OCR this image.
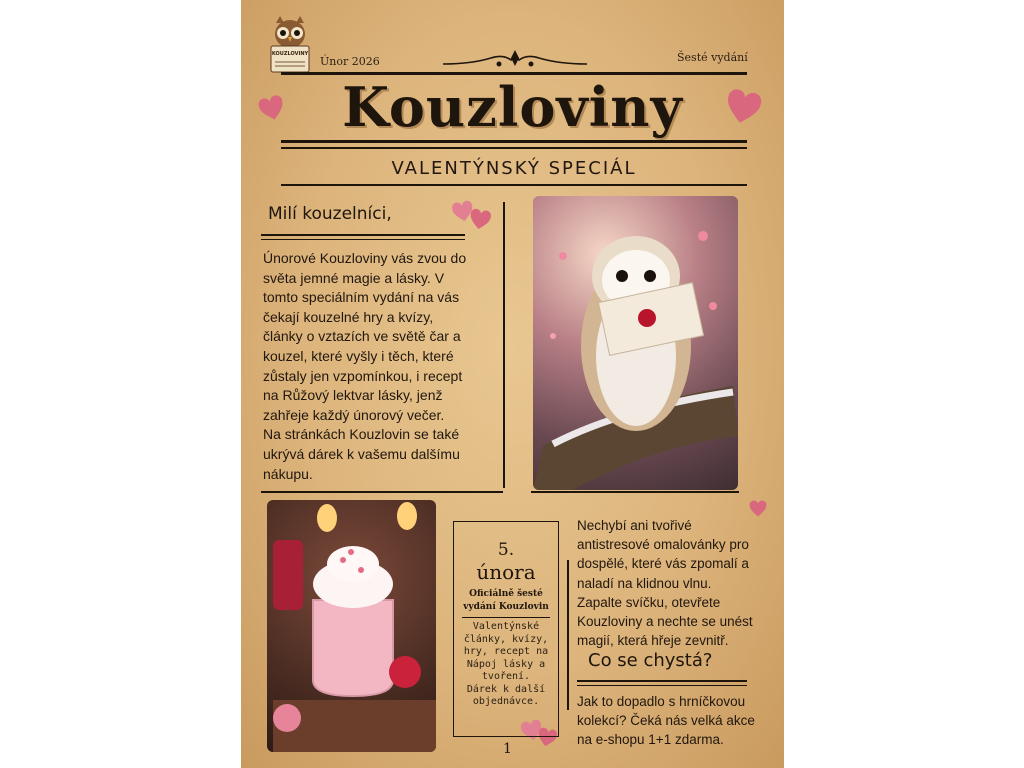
KOUZLOVINY
Únor 2026	Šesté vydání
Kouzloviny
VALENTÝNSKÝ SPECIÁL
Milí kouzelníci,
Únorové Kouzloviny vás zvou do
světa jemné magie a lásky. V
tomto speciálním vydání na vás
čekají kouzelné hry a kvízy,
články o vztazích ve světě čar a
kouzel, které vyšly i těch, které
zůstaly jen vzpomínkou, i recept
na Růžový lektvar lásky, jenž
zahřeje každý únorový večer.
Na stránkách Kouzlovin se také
ukrývá dárek k vašemu dalšímu
nákupu.
5.
února
Oficiálně šesté
vydání Kouzlovin
Valentýnské
články, kvízy,
hry, recept na
Nápoj lásky a
tvoření.
Dárek k další
objednávce.
Nechybí ani tvořivé
antistresové omalovánky pro
dospělé, které vás zpomalí a
naladí na klidnou vlnu.
Zapalte svíčku, otevřete
Kouzloviny a nechte se unést
magií, která hřeje zevnitř.
Co se chystá?
Jak to dopadlo s hrníčkovou
kolekcí? Čeká nás velká akce
na e-shopu 1+1 zdarma.
1
